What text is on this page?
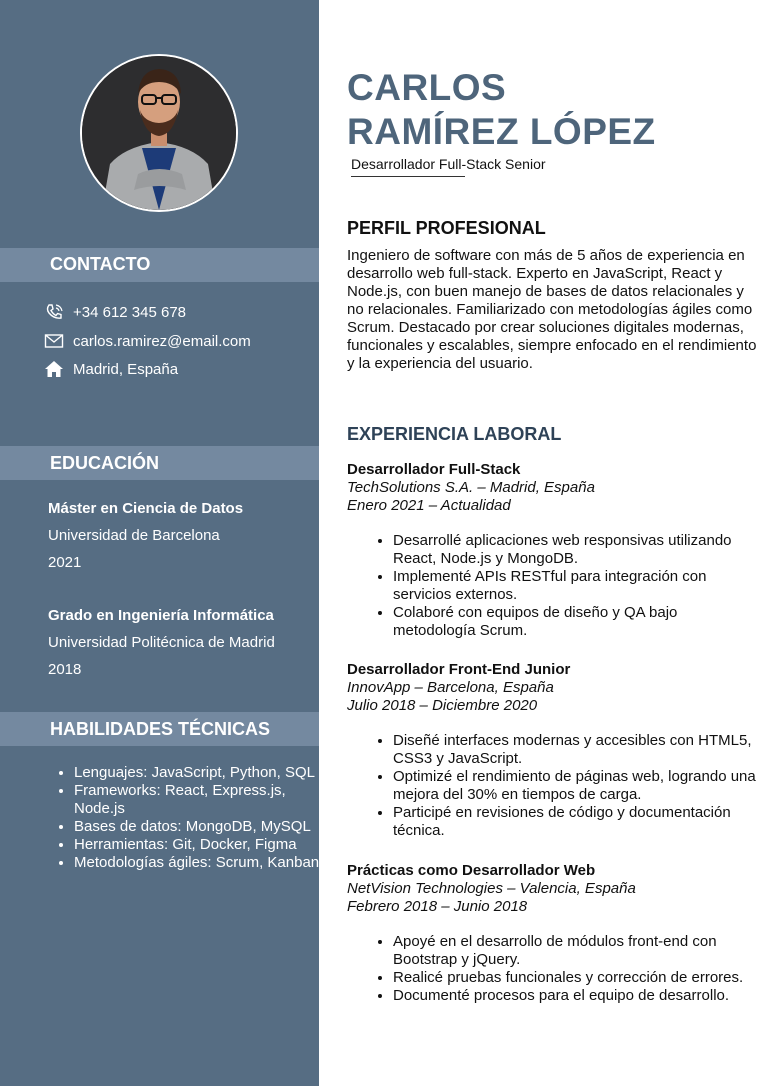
CONTACTO
+34 612 345 678
carlos.ramirez@email.com
Madrid, España
EDUCACIÓN
Máster en Ciencia de Datos
Universidad de Barcelona
2021
Grado en Ingeniería Informática
Universidad Politécnica de Madrid
2018
HABILIDADES TÉCNICAS
• Lenguajes: JavaScript, Python, SQL
• Frameworks: React, Express.js, Node.js
• Bases de datos: MongoDB, MySQL
• Herramientas: Git, Docker, Figma
• Metodologías ágiles: Scrum, Kanban
CARLOS
RAMÍREZ LÓPEZ
Desarrollador Full-Stack Senior
PERFIL PROFESIONAL

Ingeniero de software con más de 5 años de experiencia en desarrollo web full-stack. Experto en JavaScript, React y Node.js, con buen manejo de bases de datos relacionales y no relacionales. Familiarizado con metodologías ágiles como Scrum. Destacado por crear soluciones digitales modernas, funcionales y escalables, siempre enfocado en el rendimiento y la experiencia del usuario.

EXPERIENCIA LABORAL
Desarrollador Full-Stack
TechSolutions S.A. – Madrid, España
Enero 2021 – Actualidad
• Desarrollé aplicaciones web responsivas utilizando React, Node.js y MongoDB.
• Implementé APIs RESTful para integración con servicios externos.
• Colaboré con equipos de diseño y QA bajo metodología Scrum.
Desarrollador Front-End Junior
InnovApp – Barcelona, España
Julio 2018 – Diciembre 2020
• Diseñé interfaces modernas y accesibles con HTML5, CSS3 y JavaScript.
• Optimizé el rendimiento de páginas web, logrando una mejora del 30% en tiempos de carga.
• Participé en revisiones de código y documentación técnica.
Prácticas como Desarrollador Web
NetVision Technologies – Valencia, España
Febrero 2018 – Junio 2018
• Apoyé en el desarrollo de módulos front-end con Bootstrap y jQuery.
• Realicé pruebas funcionales y corrección de errores.
• Documenté procesos para el equipo de desarrollo.
